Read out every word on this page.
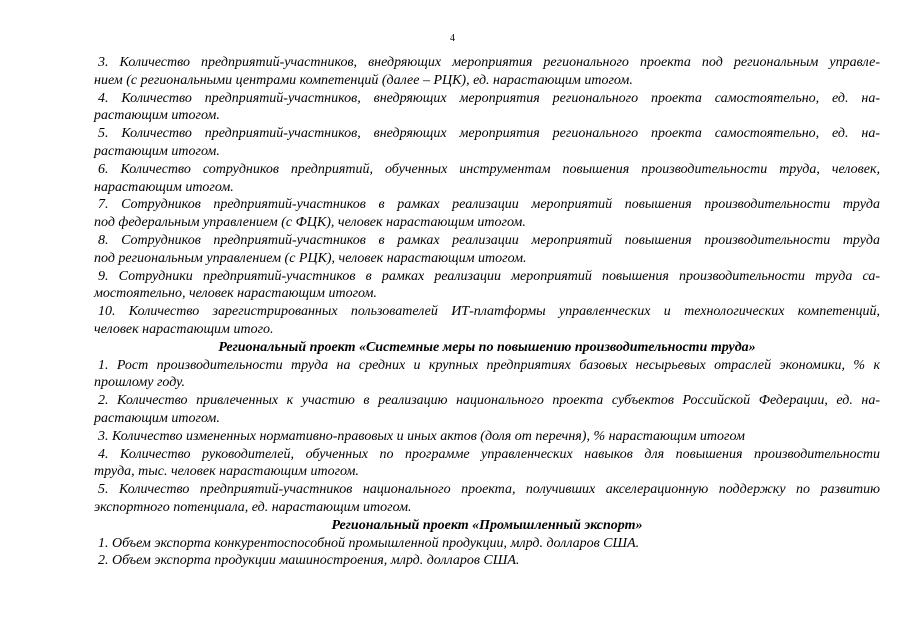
4
3. Количество предприятий-участников, внедряющих мероприятия регионального проекта под региональным управле-
нием (с региональными центрами компетенций (далее – РЦК), ед. нарастающим итогом.
4. Количество предприятий-участников, внедряющих мероприятия регионального проекта самостоятельно, ед. на-
растающим итогом.
5. Количество предприятий-участников, внедряющих мероприятия регионального проекта самостоятельно, ед. на-
растающим итогом.
6. Количество сотрудников предприятий, обученных инструментам повышения производительности труда, человек,
нарастающим итогом.
7. Сотрудников предприятий-участников в рамках реализации мероприятий повышения производительности труда
под федеральным управлением (с ФЦК), человек нарастающим итогом.
8. Сотрудников предприятий-участников в рамках реализации мероприятий повышения производительности труда
под региональным управлением (с РЦК), человек нарастающим итогом.
9. Сотрудники предприятий-участников в рамках реализации мероприятий повышения производительности труда са-
мостоятельно, человек нарастающим итогом.
10. Количество зарегистрированных пользователей ИТ-платформы управленческих и технологических компетенций,
человек нарастающим итого.
Региональный проект «Системные меры по повышению производительности труда»
1. Рост производительности труда на средних и крупных предприятиях базовых несырьевых отраслей экономики, % к
прошлому году.
2. Количество привлеченных к участию в реализацию национального проекта субъектов Российской Федерации, ед. на-
растающим итогом.
3. Количество измененных нормативно-правовых и иных актов (доля от перечня), % нарастающим итогом
4. Количество руководителей, обученных по программе управленческих навыков для повышения производительности
труда, тыс. человек нарастающим итогом.
5. Количество предприятий-участников национального проекта, получивших акселерационную поддержку по развитию
экспортного потенциала, ед. нарастающим итогом.
Региональный проект «Промышленный экспорт»
1. Объем экспорта конкурентоспособной промышленной продукции, млрд. долларов США.
2. Объем экспорта продукции машиностроения, млрд. долларов США.
